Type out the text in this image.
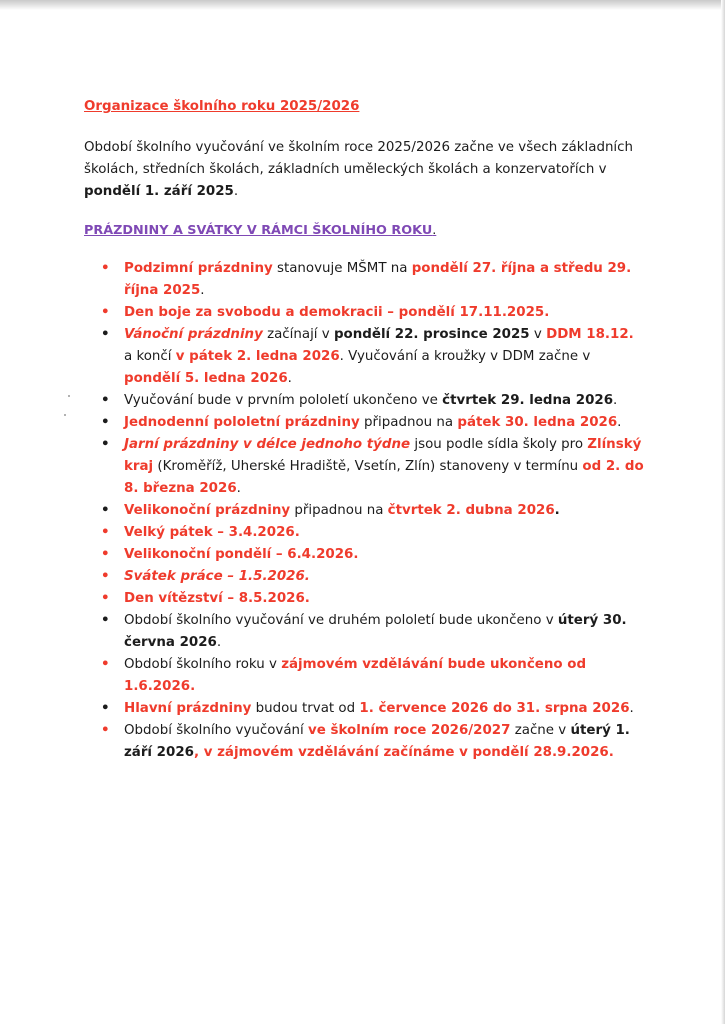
Organizace školního roku 2025/2026

Období školního vyučování ve školním roce 2025/2026 začne ve všech základních školách, středních školách, základních uměleckých školách a konzervatořích v pondělí 1. září 2025.

PRÁZDNINY A SVÁTKY V RÁMCI ŠKOLNÍHO ROKU.
• Podzimní prázdniny stanovuje MŠMT na pondělí 27. října a středu 29. října 2025.
• Den boje za svobodu a demokracii – pondělí 17.11.2025.
• Vánoční prázdniny začínají v pondělí 22. prosince 2025 v DDM 18.12. a končí v pátek 2. ledna 2026. Vyučování a kroužky v DDM začne v pondělí 5. ledna 2026.
• Vyučování bude v prvním pololetí ukončeno ve čtvrtek 29. ledna 2026.
• Jednodenní pololetní prázdniny připadnou na pátek 30. ledna 2026.
• Jarní prázdniny v délce jednoho týdne jsou podle sídla školy pro Zlínský kraj (Kroměříž, Uherské Hradiště, Vsetín, Zlín) stanoveny v termínu od 2. do 8. března 2026.
• Velikonoční prázdniny připadnou na čtvrtek 2. dubna 2026.
• Velký pátek – 3.4.2026.
• Velikonoční pondělí – 6.4.2026.
• Svátek práce – 1.5.2026.
• Den vítězství – 8.5.2026.
• Období školního vyučování ve druhém pololetí bude ukončeno v úterý 30. června 2026.
• Období školního roku v zájmovém vzdělávání bude ukončeno od 1.6.2026.
• Hlavní prázdniny budou trvat od 1. července 2026 do 31. srpna 2026.
• Období školního vyučování ve školním roce 2026/2027 začne v úterý 1. září 2026, v zájmovém vzdělávání začínáme v pondělí 28.9.2026.
